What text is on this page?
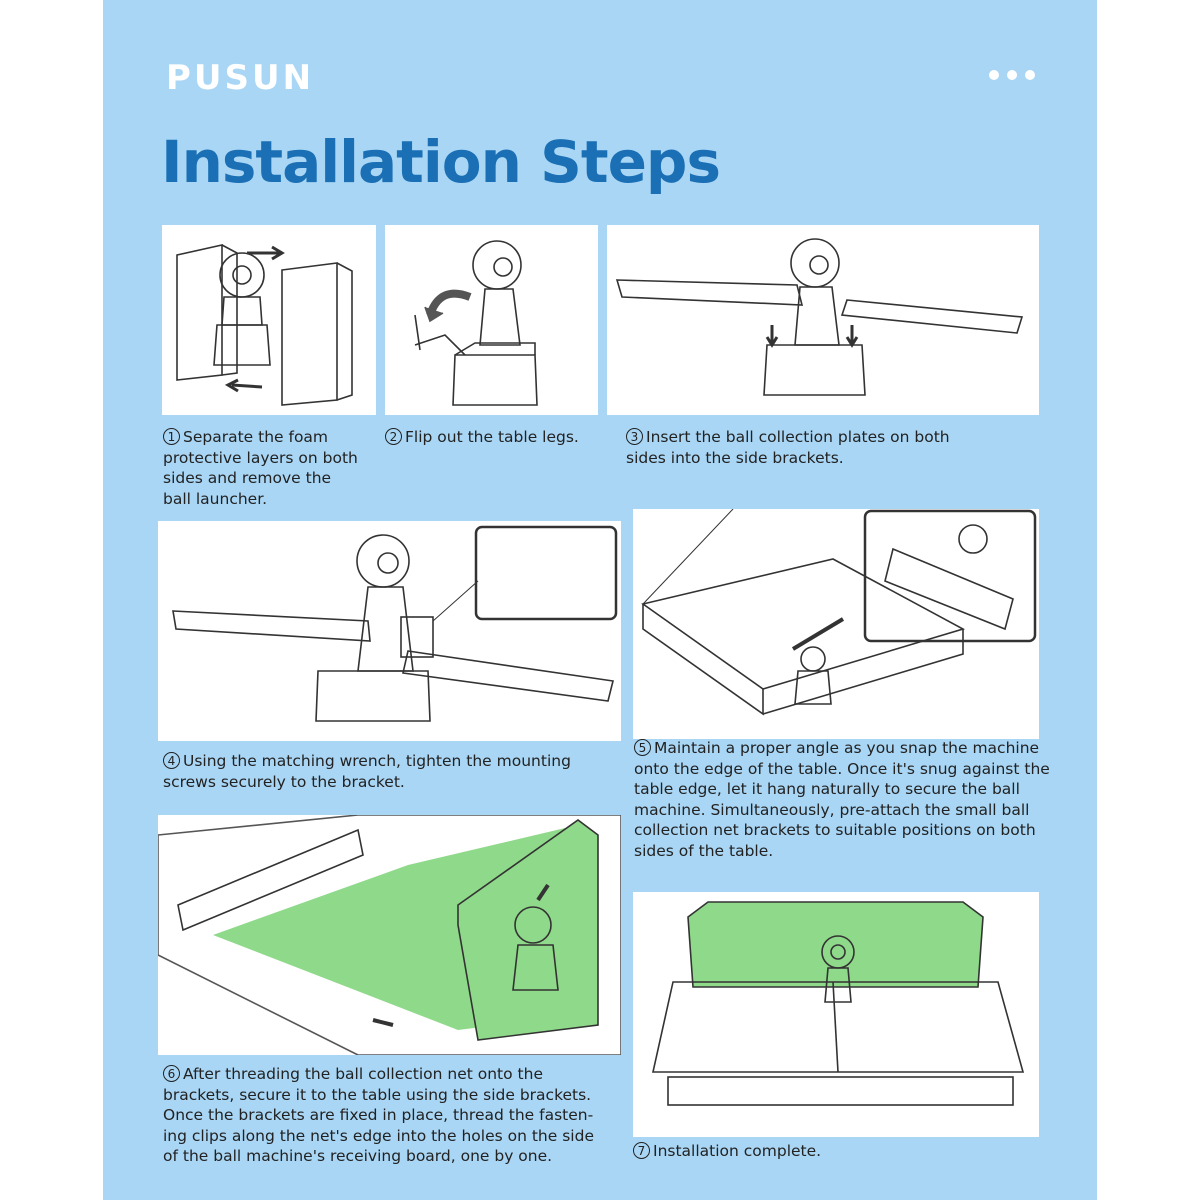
PUSUN
Installation Steps
1 Separate the foam protective layers on both sides and remove the ball launcher.
2 Flip out the table legs.	3 Insert the ball collection plates on both sides into the side brackets.
4 Using the matching wrench, tighten the mounting screws securely to the bracket.
5 Maintain a proper angle as you snap the machine onto the edge of the table. Once it's snug against the table edge, let it hang naturally to secure the ball machine. Simultaneously, pre-attach the small ball collection net brackets to suitable positions on both sides of the table.
6 After threading the ball collection net onto the brackets, secure it to the table using the side brackets. Once the brackets are fixed in place, thread the fasten-ing clips along the net's edge into the holes on the side of the ball machine's receiving board, one by one.	7 Installation complete.
